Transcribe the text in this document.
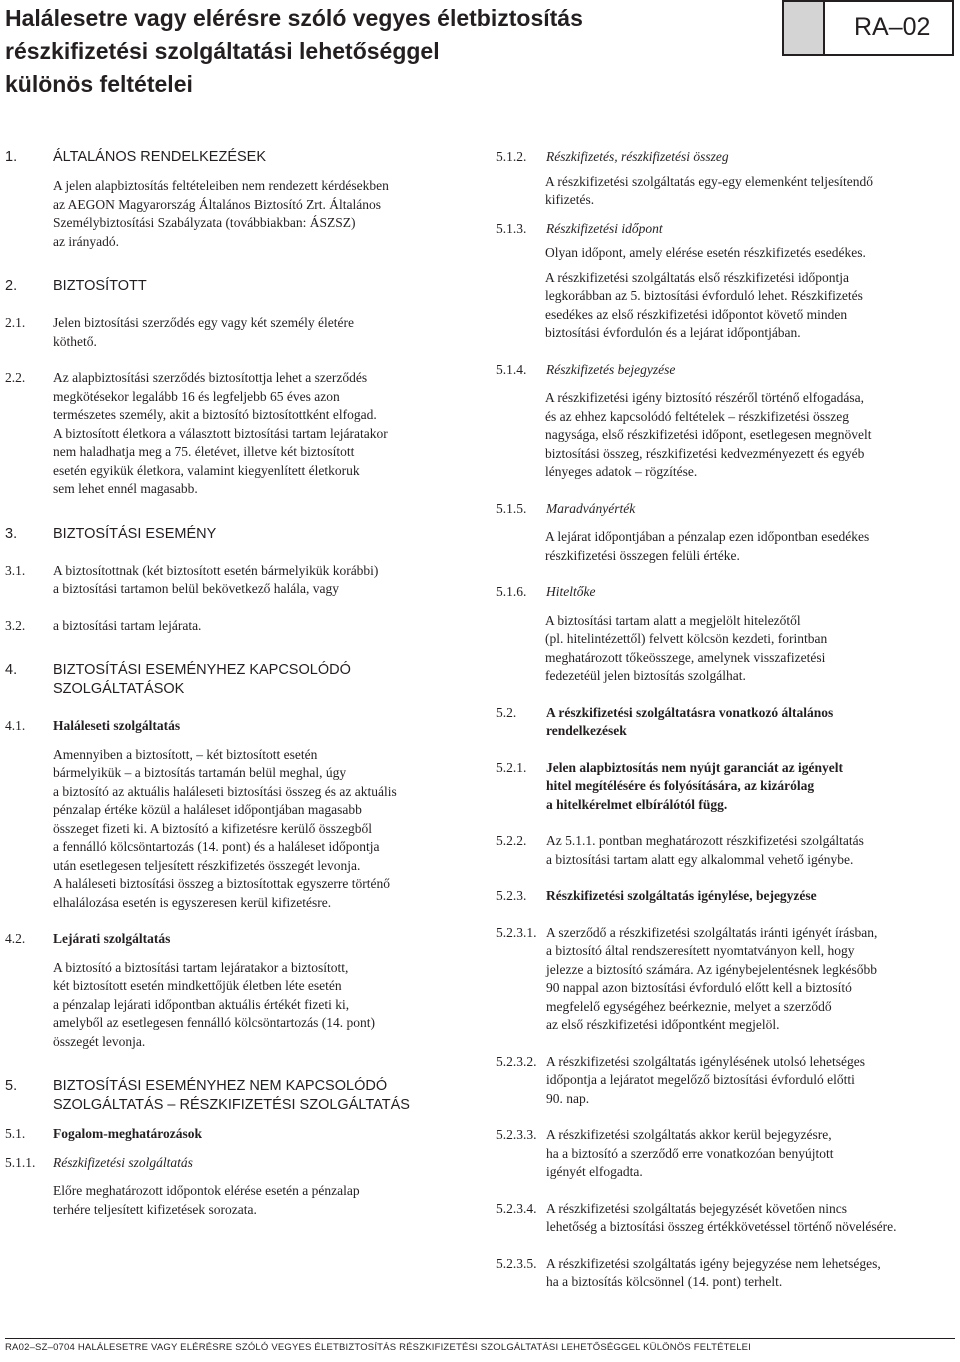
Halálesetre vagy elérésre szóló vegyes életbiztosítás
részkifizetési szolgáltatási lehetőséggel
különös feltételei
RA–02
1.	ÁLTALÁNOS RENDELKEZÉSEK

A jelen alapbiztosítás feltételeiben nem rendezett kérdésekben

az AEGON Magyarország Általános Biztosító Zrt. Általános

Személybiztosítási Szabályzata (továbbiakban: ÁSZSZ)

az irányadó.

2.	BIZTOSÍTOTT
2.1.	Jelen biztosítási szerződés egy vagy két személy életére

köthető.

2.2.	Az alapbiztosítási szerződés biztosítottja lehet a szerződés

megkötésekor legalább 16 és legfeljebb 65 éves azon

természetes személy, akit a biztosító biztosítottként elfogad.

A biztosított életkora a választott biztosítási tartam lejáratakor

nem haladhatja meg a 75. életévet, illetve két biztosított

esetén egyikük életkora, valamint kiegyenlített életkoruk

sem lehet ennél magasabb.

3.	BIZTOSÍTÁSI ESEMÉNY
3.1.	A biztosítottnak (két biztosított esetén bármelyikük korábbi)

a biztosítási tartamon belül bekövetkező halála, vagy

3.2.	a biztosítási tartam lejárata.
4.	BIZTOSÍTÁSI ESEMÉNYHEZ KAPCSOLÓDÓ
SZOLGÁLTATÁSOK
4.1.	Haláleseti szolgáltatás

Amennyiben a biztosított, – két biztosított esetén

bármelyikük – a biztosítás tartamán belül meghal, úgy

a biztosító az aktuális haláleseti biztosítási összeg és az aktuális

pénzalap értéke közül a haláleset időpontjában magasabb

összeget fizeti ki. A biztosító a kifizetésre kerülő összegből

a fennálló kölcsöntartozás (14. pont) és a haláleset időpontja

után esetlegesen teljesített részkifizetés összegét levonja.

A haláleseti biztosítási összeg a biztosítottak egyszerre történő

elhalálozása esetén is egyszeresen kerül kifizetésre.

4.2.	Lejárati szolgáltatás

A biztosító a biztosítási tartam lejáratakor a biztosított,

két biztosított esetén mindkettőjük életben léte esetén

a pénzalap lejárati időpontban aktuális értékét fizeti ki,

amelyből az esetlegesen fennálló kölcsöntartozás (14. pont)

összegét levonja.

5.	BIZTOSÍTÁSI ESEMÉNYHEZ NEM KAPCSOLÓDÓ
SZOLGÁLTATÁS – RÉSZKIFIZETÉSI SZOLGÁLTATÁS
5.1.	Fogalom-meghatározások
5.1.1.	Részkifizetési szolgáltatás

Előre meghatározott időpontok elérése esetén a pénzalap

terhére teljesített kifizetések sorozata.

5.1.2.	Részkifizetés, részkifizetési összeg

A részkifizetési szolgáltatás egy-egy elemenként teljesítendő

kifizetés.

5.1.3.	Részkifizetési időpont

Olyan időpont, amely elérése esetén részkifizetés esedékes.

A részkifizetési szolgáltatás első részkifizetési időpontja

legkorábban az 5. biztosítási évforduló lehet. Részkifizetés

esedékes az első részkifizetési időpontot követő minden

biztosítási évfordulón és a lejárat időpontjában.

5.1.4.	Részkifizetés bejegyzése

A részkifizetési igény biztosító részéről történő elfogadása,

és az ehhez kapcsolódó feltételek – részkifizetési összeg

nagysága, első részkifizetési időpont, esetlegesen megnövelt

biztosítási összeg, részkifizetési kedvezményezett és egyéb

lényeges adatok – rögzítése.

5.1.5.	Maradványérték

A lejárat időpontjában a pénzalap ezen időpontban esedékes

részkifizetési összegen felüli értéke.

5.1.6.	Hiteltőke

A biztosítási tartam alatt a megjelölt hitelezőtől

(pl. hitelintézettől) felvett kölcsön kezdeti, forintban

meghatározott tőkeösszege, amelynek visszafizetési

fedezetéül jelen biztosítás szolgálhat.

5.2.	A részkifizetési szolgáltatásra vonatkozó általános
rendelkezések
5.2.1.	Jelen alapbiztosítás nem nyújt garanciát az igényelt

hitel megítélésére és folyósítására, az kizárólag

a hitelkérelmet elbírálótól függ.

5.2.2.	Az 5.1.1. pontban meghatározott részkifizetési szolgáltatás

a biztosítási tartam alatt egy alkalommal vehető igénybe.

5.2.3.	Részkifizetési szolgáltatás igénylése, bejegyzése
5.2.3.1. A szerződő a részkifizetési szolgáltatás iránti igényét írásban,

a biztosító által rendszeresített nyomtatványon kell, hogy

jelezze a biztosító számára. Az igénybejelentésnek legkésőbb

90 nappal azon biztosítási évforduló előtt kell a biztosító

megfelelő egységéhez beérkeznie, melyet a szerződő

az első részkifizetési időpontként megjelöl.

5.2.3.2. A részkifizetési szolgáltatás igénylésének utolsó lehetséges

időpontja a lejáratot megelőző biztosítási évforduló előtti

90. nap.

5.2.3.3. A részkifizetési szolgáltatás akkor kerül bejegyzésre,

ha a biztosító a szerződő erre vonatkozóan benyújtott

igényét elfogadta.

5.2.3.4. A részkifizetési szolgáltatás bejegyzését követően nincs

lehetőség a biztosítási összeg értékkövetéssel történő növelésére.

5.2.3.5. A részkifizetési szolgáltatás igény bejegyzése nem lehetséges,

ha a biztosítás kölcsönnel (14. pont) terhelt.

RA02–SZ–0704 HALÁLESETRE VAGY ELÉRÉSRE SZÓLÓ VEGYES ÉLETBIZTOSÍTÁS RÉSZKIFIZETÉSI SZOLGÁLTATÁSI LEHETŐSÉGGEL KÜLÖNÖS FELTÉTELEI
